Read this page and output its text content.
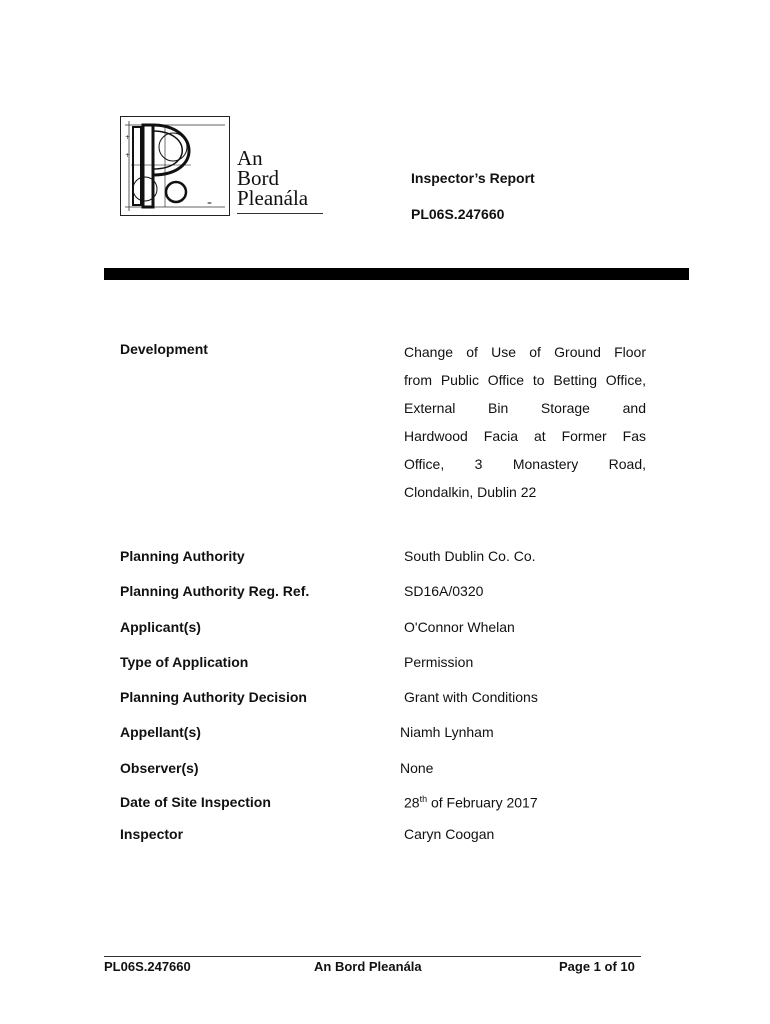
+
+
=
An
Bord
Pleanála
Inspector’s Report
PL06S.247660
Development	Change of Use of Ground Floor
from Public Office to Betting Office,
External Bin Storage and
Hardwood Facia at Former Fas
Office, 3 Monastery Road,
Clondalkin, Dublin 22
Planning Authority	South Dublin Co. Co.
Planning Authority Reg. Ref.	SD16A/0320
Applicant(s)	O'Connor Whelan
Type of Application	Permission
Planning Authority Decision	Grant with Conditions
Appellant(s)	Niamh Lynham
Observer(s)	None
Date of Site Inspection	28th of February 2017
Inspector	Caryn Coogan
PL06S.247660	An Bord Pleanála	Page 1 of 10
